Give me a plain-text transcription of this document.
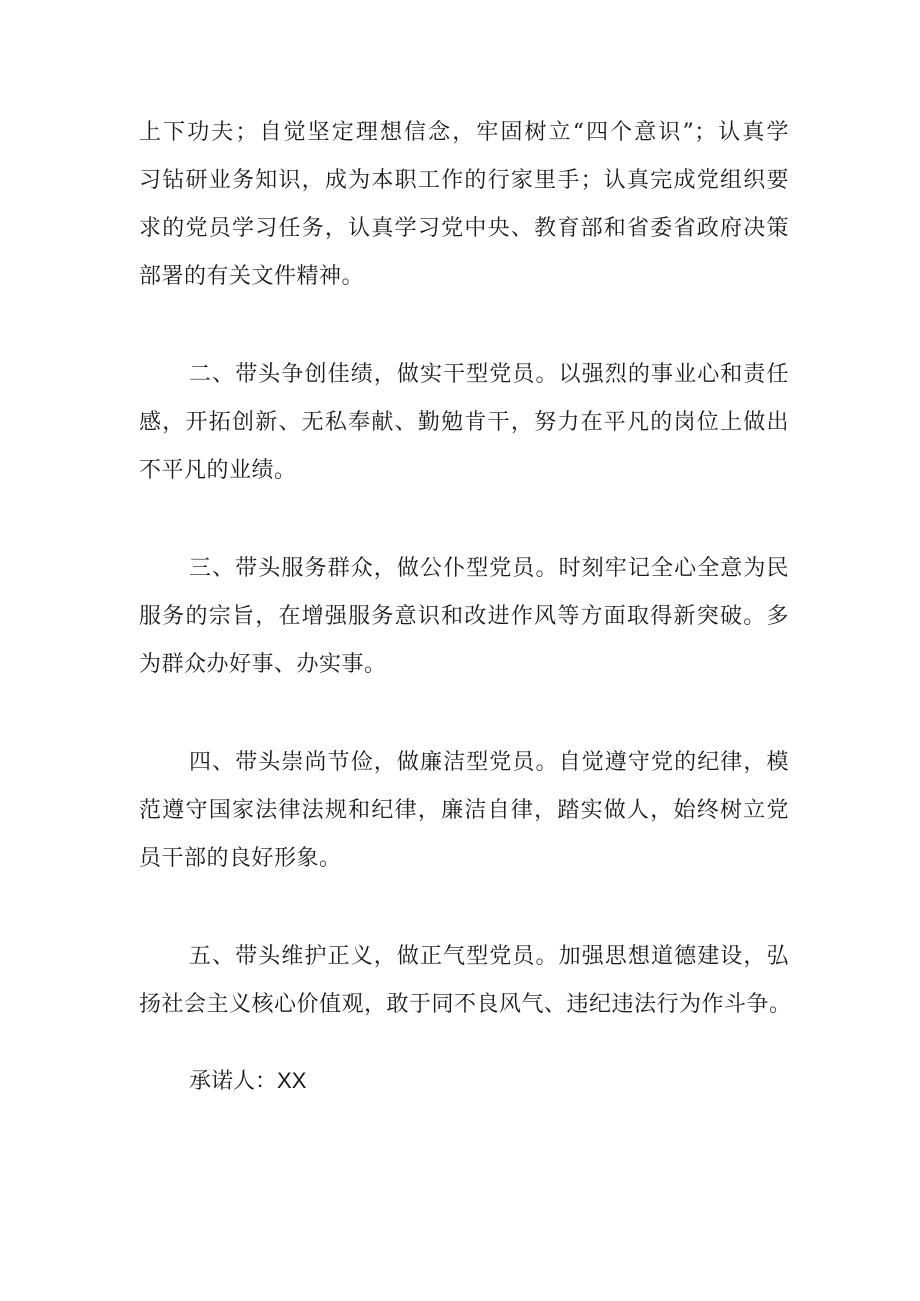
上下功夫；自觉坚定理想信念，牢固树立“四个意识”；认真学
习钻研业务知识，成为本职工作的行家里手；认真完成党组织要
求的党员学习任务，认真学习党中央、教育部和省委省政府决策
部署的有关文件精神。
二、带头争创佳绩，做实干型党员。以强烈的事业心和责任
感，开拓创新、无私奉献、勤勉肯干，努力在平凡的岗位上做出
不平凡的业绩。
三、带头服务群众，做公仆型党员。时刻牢记全心全意为民
服务的宗旨，在增强服务意识和改进作风等方面取得新突破。多
为群众办好事、办实事。
四、带头崇尚节俭，做廉洁型党员。自觉遵守党的纪律，模
范遵守国家法律法规和纪律，廉洁自律，踏实做人，始终树立党
员干部的良好形象。
五、带头维护正义，做正气型党员。加强思想道德建设，弘
扬社会主义核心价值观，敢于同不良风气、违纪违法行为作斗争。
承诺人：XX
